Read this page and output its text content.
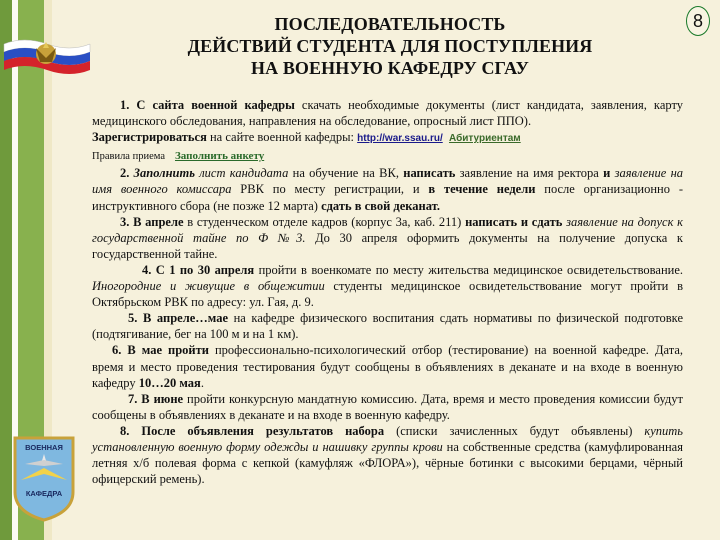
ПОСЛЕДОВАТЕЛЬНОСТЬ
ДЕЙСТВИЙ СТУДЕНТА ДЛЯ ПОСТУПЛЕНИЯ
НА ВОЕННУЮ КАФЕДРУ СГАУ
8
ВОЕННАЯ
КАФЕДРА

1. С сайта военной кафедры скачать необходимые документы (лист кандидата, заявления, карту медицинского обследования, направления на обследование, опросный лист ППО).

Зарегистрироваться на сайте военной кафедры: http://war.ssau.ru/ Абитуриентам

Правила приема Заполнить анкету

2. Заполнить лист кандидата на обучение на ВК, написать заявление на имя ректора и заявление на имя военного комиссара РВК по месту регистрации, и в течение недели после организационно - инструктивного сбора (не позже 12 марта) сдать в свой деканат.

3. В апреле в студенческом отделе кадров (корпус 3а, каб. 211) написать и сдать заявление на допуск к государственной тайне по Ф №3. До 30 апреля оформить документы на получение допуска к государственной тайне.

4. С 1 по 30 апреля пройти в военкомате по месту жительства медицинское освидетельствование. Иногородние и живущие в общежитии студенты медицинское освидетельствование могут пройти в Октябрьском РВК по адресу: ул. Гая, д. 9.

5. В апреле…мае на кафедре физического воспитания сдать нормативы по физической подготовке (подтягивание, бег на 100 м и на 1 км).

6. В мае пройти профессионально-психологический отбор (тестирование) на военной кафедре. Дата, время и место проведения тестирования будут сообщены в объявлениях в деканате и на входе в военную кафедру 10…20 мая.

7. В июне пройти конкурсную мандатную комиссию. Дата, время и место проведения комиссии будут сообщены в объявлениях в деканате и на входе в военную кафедру.

8. После объявления результатов набора (списки зачисленных будут объявлены) купить установленную военную форму одежды и нашивку группы крови на собственные средства (камуфлированная летняя х/б полевая форма с кепкой (камуфляж «ФЛОРА»), чёрные ботинки с высокими берцами, чёрный офицерский ремень).
